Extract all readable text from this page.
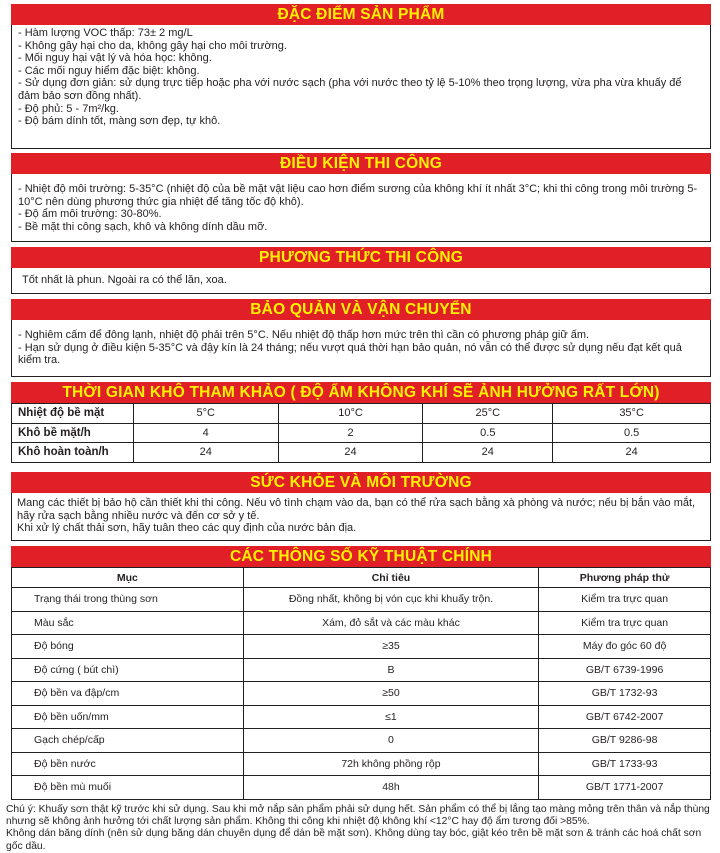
ĐẶC ĐIỂM SẢN PHẨM
- Hàm lượng VOC thấp: 73± 2 mg/L
- Không gây hại cho da, không gây hại cho môi trường.
- Mối nguy hại vật lý và hóa học: không.
- Các mối nguy hiểm đặc biệt: không.
- Sử dụng đơn giản: sử dụng trực tiếp hoặc pha với nước sạch (pha với nước theo tỷ lệ 5-10% theo trọng lượng, vừa pha vừa khuấy để đảm bảo sơn đồng nhất).
- Độ phủ: 5 - 7m²/kg.
- Độ bám dính tốt, màng sơn đẹp, tự khô.
ĐIỀU KIỆN THI CÔNG
- Nhiệt độ môi trường: 5-35°C (nhiệt độ của bề mặt vật liệu cao hơn điểm sương của không khí ít nhất 3°C; khi thi công trong môi trường 5-10°C nên dùng phương thức gia nhiệt để tăng tốc độ khô).
- Độ ẩm môi trường: 30-80%.
- Bề mặt thi công sạch, khô và không dính dầu mỡ.
PHƯƠNG THỨC THI CÔNG
Tốt nhất là phun. Ngoài ra có thể lăn, xoa.
BẢO QUẢN VÀ VẬN CHUYỂN
- Nghiêm cấm để đông lạnh, nhiệt độ phải trên 5°C. Nếu nhiệt độ thấp hơn mức trên thì cần có phương pháp giữ ấm.
- Hạn sử dụng ở điều kiện 5-35°C và đậy kín là 24 tháng; nếu vượt quá thời hạn bảo quản, nó vẫn có thể được sử dụng nếu đạt kết quả kiểm tra.
THỜI GIAN KHÔ THAM KHẢO ( ĐỘ ẨM KHÔNG KHÍ SẼ ẢNH HƯỞNG RẤT LỚN)
Nhiệt độ bề mặt	5°C	10°C	25°C	35°C
Khô bề mặt/h	4	2	0.5	0.5
Khô hoàn toàn/h	24	24	24	24
SỨC KHỎE VÀ MÔI TRƯỜNG
Mang các thiết bị bảo hộ cần thiết khi thi công. Nếu vô tình chạm vào da, bạn có thể rửa sạch bằng xà phòng và nước; nếu bị bắn vào mắt, hãy rửa sạch bằng nhiều nước và đến cơ sở y tế.
Khi xử lý chất thải sơn, hãy tuân theo các quy định của nước bản địa.
CÁC THÔNG SỐ KỸ THUẬT CHÍNH
Mục	Chỉ tiêu	Phương pháp thử
Trạng thái trong thùng sơn	Đồng nhất, không bị vón cục khi khuấy trộn.	Kiểm tra trực quan
Màu sắc	Xám, đỏ sắt và các màu khác	Kiểm tra trực quan
Độ bóng	≥35	Máy đo góc 60 độ
Độ cứng ( bút chì)	B	GB/T 6739-1996
Độ bền va đập/cm	≥50	GB/T 1732-93
Độ bền uốn/mm	≤1	GB/T 6742-2007
Gạch chép/cấp	0	GB/T 9286-98
Độ bền nước	72h không phồng rộp	GB/T 1733-93
Độ bền mù muối	48h	GB/T 1771-2007
Chú ý: Khuấy sơn thật kỹ trước khi sử dụng. Sau khi mở nắp sản phẩm phải sử dụng hết. Sản phẩm có thể bị lắng tạo màng mỏng trên thân và nắp thùng nhưng sẽ không ảnh hưởng tới chất lượng sản phẩm. Không thi công khi nhiệt độ không khí <12°C hay độ ẩm tương đối >85%.
Không dán băng dính (nên sử dụng băng dán chuyên dụng để dán bề mặt sơn). Không dùng tay bóc, giật kéo trên bề mặt sơn & tránh các hoá chất sơn gốc dầu.
